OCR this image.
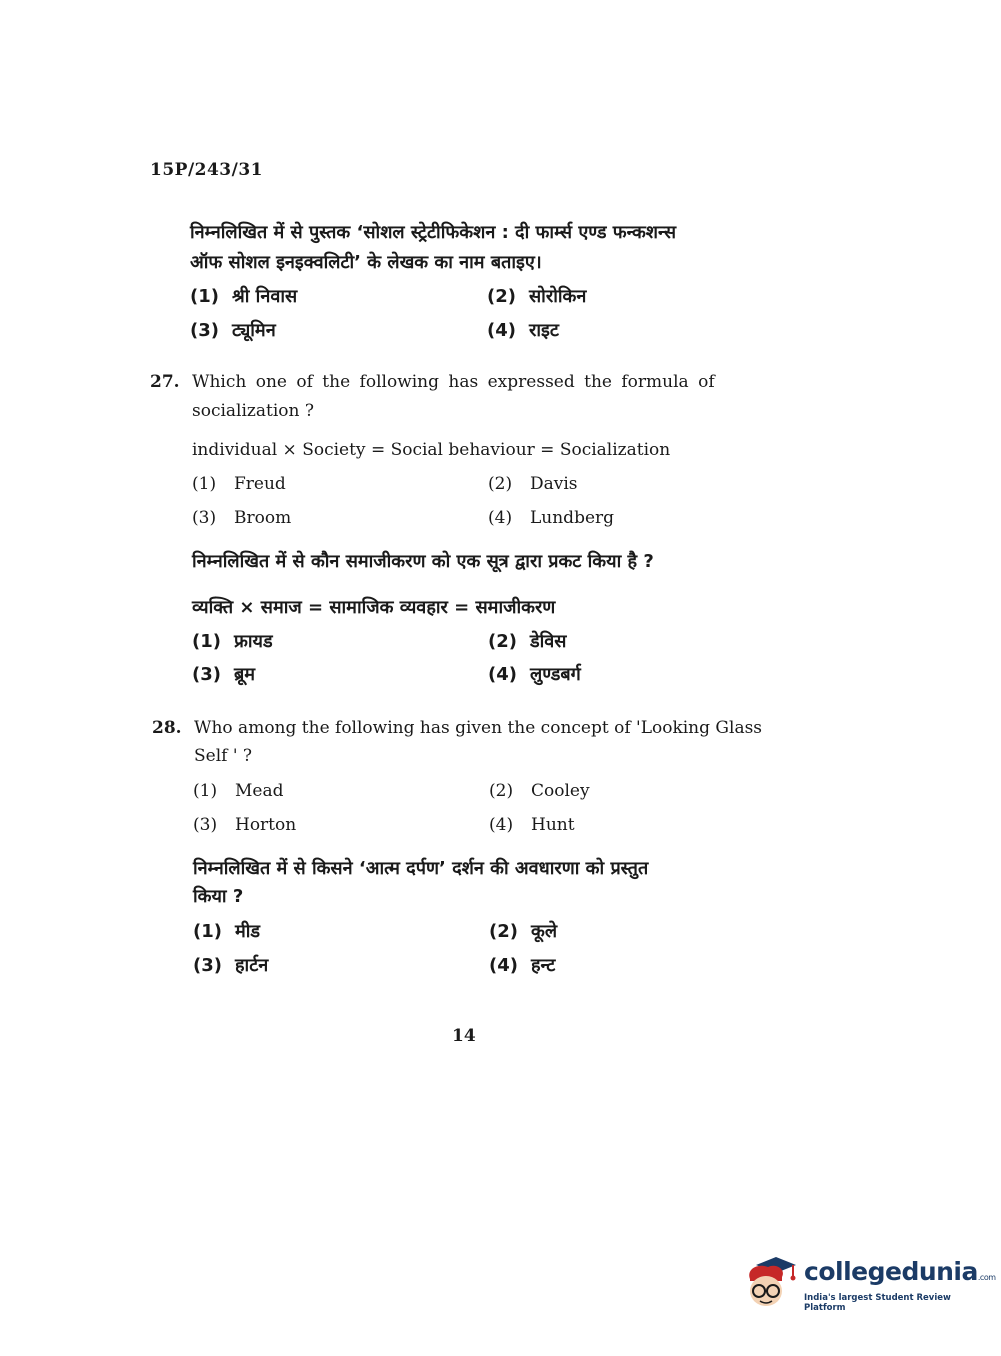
15P/243/31
निम्नलिखित में से पुस्तक ‘सोशल स्ट्रेटीफिकेशन : दी फार्म्स एण्ड फन्कशन्स
ऑफ सोशल इनइक्वलिटी’ के लेखक का नाम बताइए।
(1) श्री निवास	(2) सोरोकिन
(3) ट्यूमिन	(4) राइट
27. Which one of the following has expressed the formula of
socialization ?
individual × Society = Social behaviour = Socialization
(1) Freud	(2) Davis
(3) Broom	(4) Lundberg
निम्नलिखित में से कौन समाजीकरण को एक सूत्र द्वारा प्रकट किया है ?
व्यक्ति × समाज = सामाजिक व्यवहार = समाजीकरण
(1) फ्रायड	(2) डेविस
(3) ब्रूम	(4) लुण्डबर्ग
28. Who among the following has given the concept of 'Looking Glass
Self ' ?
(1) Mead	(2) Cooley
(3) Horton	(4) Hunt
निम्नलिखित में से किसने ‘आत्म दर्पण’ दर्शन की अवधारणा को प्रस्तुत
किया ?
(1) मीड	(2) कूले
(3) हार्टन	(4) हन्ट
14
collegedunia.com
India's largest Student Review Platform
